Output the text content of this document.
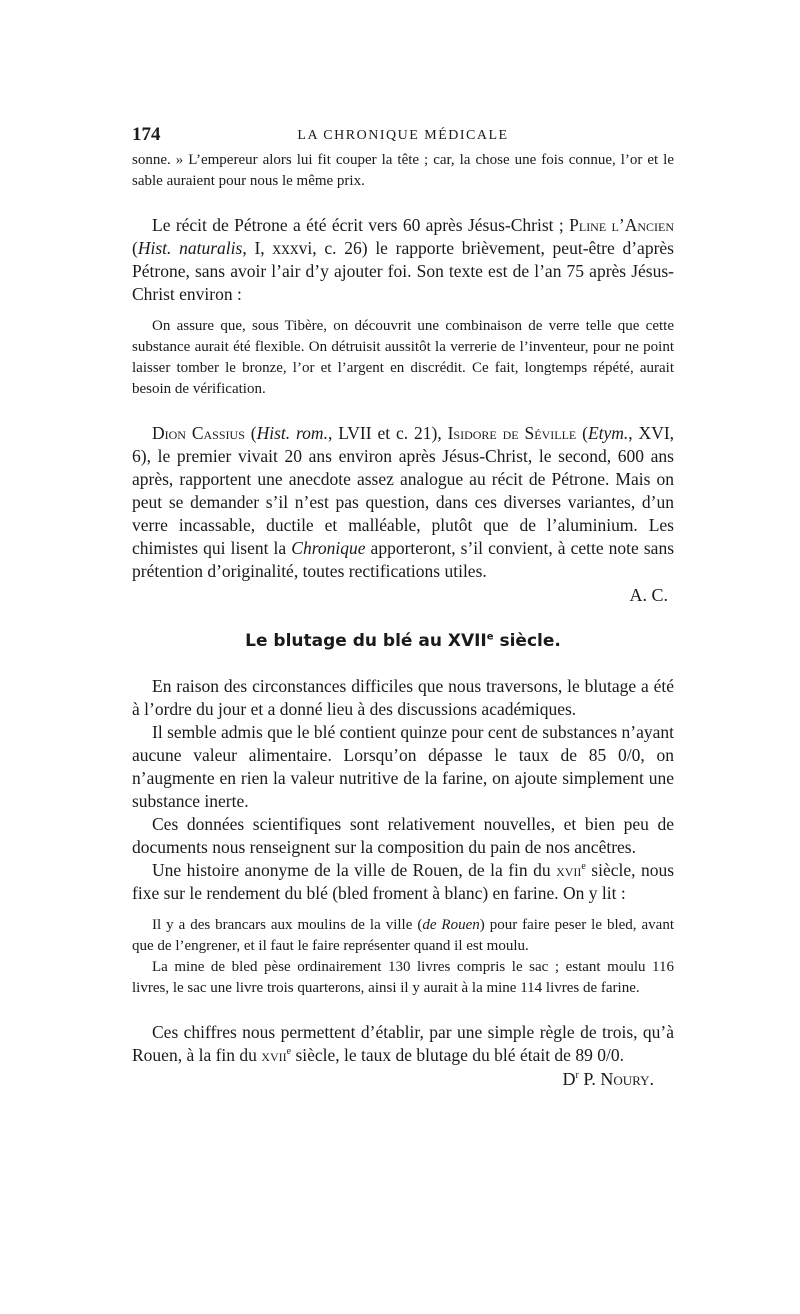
174	LA CHRONIQUE MÉDICALE

sonne. » L’empereur alors lui fit couper la tête ; car, la chose une fois connue, l’or et le sable auraient pour nous le même prix.

Le récit de Pétrone a été écrit vers 60 après Jésus-Christ ; Pline l’Ancien (Hist. naturalis, I, xxxvi, c. 26) le rapporte brièvement, peut-être d’après Pétrone, sans avoir l’air d’y ajouter foi. Son texte est de l’an 75 après Jésus-Christ environ :

On assure que, sous Tibère, on découvrit une combinaison de verre telle que cette substance aurait été flexible. On détruisit aussitôt la verrerie de l’inventeur, pour ne point laisser tomber le bronze, l’or et l’argent en discrédit. Ce fait, longtemps répété, aurait besoin de vérification.

Dion Cassius (Hist. rom., LVII et c. 21), Isidore de Séville (Etym., XVI, 6), le premier vivait 20 ans environ après Jésus-Christ, le second, 600 ans après, rapportent une anecdote assez analogue au récit de Pétrone. Mais on peut se demander s’il n’est pas question, dans ces diverses variantes, d’un verre incassable, ductile et malléable, plutôt que de l’aluminium. Les chimistes qui lisent la Chronique apporteront, s’il convient, à cette note sans prétention d’originalité, toutes rectifications utiles.

A. C.

Le blutage du blé au XVIIe siècle.

En raison des circonstances difficiles que nous traversons, le blutage a été à l’ordre du jour et a donné lieu à des discussions académiques.

Il semble admis que le blé contient quinze pour cent de substances n’ayant aucune valeur alimentaire. Lorsqu’on dépasse le taux de 85 0/0, on n’augmente en rien la valeur nutritive de la farine, on ajoute simplement une substance inerte.

Ces données scientifiques sont relativement nouvelles, et bien peu de documents nous renseignent sur la composition du pain de nos ancêtres.

Une histoire anonyme de la ville de Rouen, de la fin du xvii$^e$ siècle, nous fixe sur le rendement du blé (bled froment à blanc) en farine. On y lit :

Il y a des brancars aux moulins de la ville (de Rouen) pour faire peser le bled, avant que de l’engrener, et il faut le faire représenter quand il est moulu.

La mine de bled pèse ordinairement 130 livres compris le sac ; estant moulu 116 livres, le sac une livre trois quarterons, ainsi il y aurait à la mine 114 livres de farine.

Ces chiffres nous permettent d’établir, par une simple règle de trois, qu’à Rouen, à la fin du xvii$^e$ siècle, le taux de blutage du blé était de 89 0/0.

$D^r$ P. Noury.
